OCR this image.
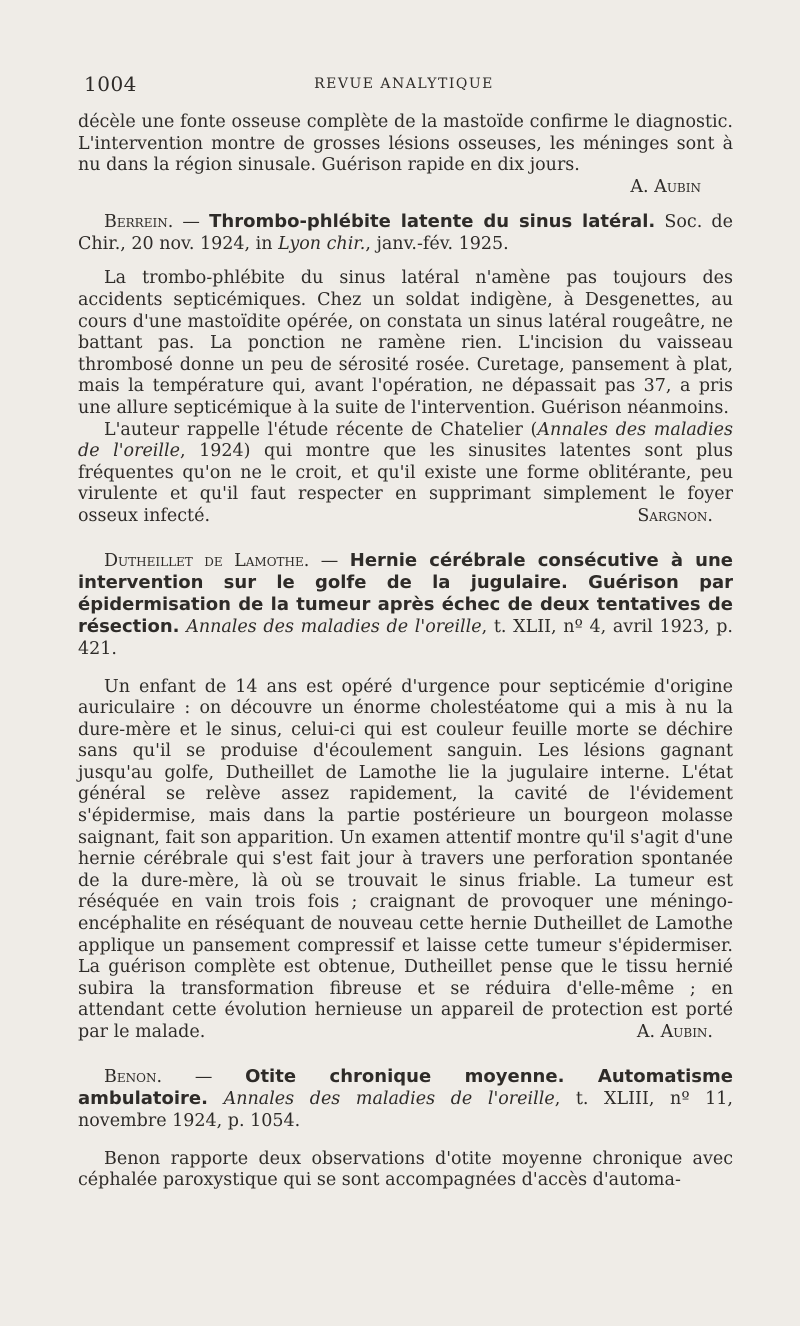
1004	REVUE ANALYTIQUE

décèle une fonte osseuse complète de la mastoïde confirme le diagnostic. L'intervention montre de grosses lésions osseuses, les méninges sont à nu dans la région sinusale. Guérison rapide en dix jours.

A. Aubin

Berrein. — Thrombo-phlébite latente du sinus latéral. Soc. de Chir., 20 nov. 1924, in Lyon chir., janv.-fév. 1925.

La trombo-phlébite du sinus latéral n'amène pas toujours des accidents septicémiques. Chez un soldat indigène, à Desgenettes, au cours d'une mastoïdite opérée, on constata un sinus latéral rougeâtre, ne battant pas. La ponction ne ramène rien. L'incision du vaisseau thrombosé donne un peu de sérosité rosée. Curetage, pansement à plat, mais la température qui, avant l'opération, ne dépassait pas 37, a pris une allure septicémique à la suite de l'intervention. Guérison néanmoins.

L'auteur rappelle l'étude récente de Chatelier (Annales des maladies de l'oreille, 1924) qui montre que les sinusites latentes sont plus fréquentes qu'on ne le croit, et qu'il existe une forme oblitérante, peu virulente et qu'il faut respecter en supprimant simplement le foyer osseux infecté.	Sargnon.

Dutheillet de Lamothe. — Hernie cérébrale consécutive à une intervention sur le golfe de la jugulaire. Guérison par épidermisation de la tumeur après échec de deux tentatives de résection. Annales des maladies de l'oreille, t. XLII, nº 4, avril 1923, p. 421.

Un enfant de 14 ans est opéré d'urgence pour septicémie d'origine auriculaire : on découvre un énorme cholestéatome qui a mis à nu la dure-mère et le sinus, celui-ci qui est couleur feuille morte se déchire sans qu'il se produise d'écoulement sanguin. Les lésions gagnant jusqu'au golfe, Dutheillet de Lamothe lie la jugulaire interne. L'état général se relève assez rapidement, la cavité de l'évidement s'épidermise, mais dans la partie postérieure un bourgeon molasse saignant, fait son apparition. Un examen attentif montre qu'il s'agit d'une hernie cérébrale qui s'est fait jour à travers une perforation spontanée de la dure-mère, là où se trouvait le sinus friable. La tumeur est réséquée en vain trois fois ; craignant de provoquer une méningo-encéphalite en réséquant de nouveau cette hernie Dutheillet de Lamothe applique un pansement compressif et laisse cette tumeur s'épidermiser. La guérison complète est obtenue, Dutheillet pense que le tissu hernié subira la transformation fibreuse et se réduira d'elle-même ; en attendant cette évolution hernieuse un appareil de protection est porté par le malade.	A. Aubin.

Benon. — Otite chronique moyenne. Automatisme ambulatoire. Annales des maladies de l'oreille, t. XLIII, nº 11, novembre 1924, p. 1054.

Benon rapporte deux observations d'otite moyenne chronique avec céphalée paroxystique qui se sont accompagnées d'accès d'automa-
